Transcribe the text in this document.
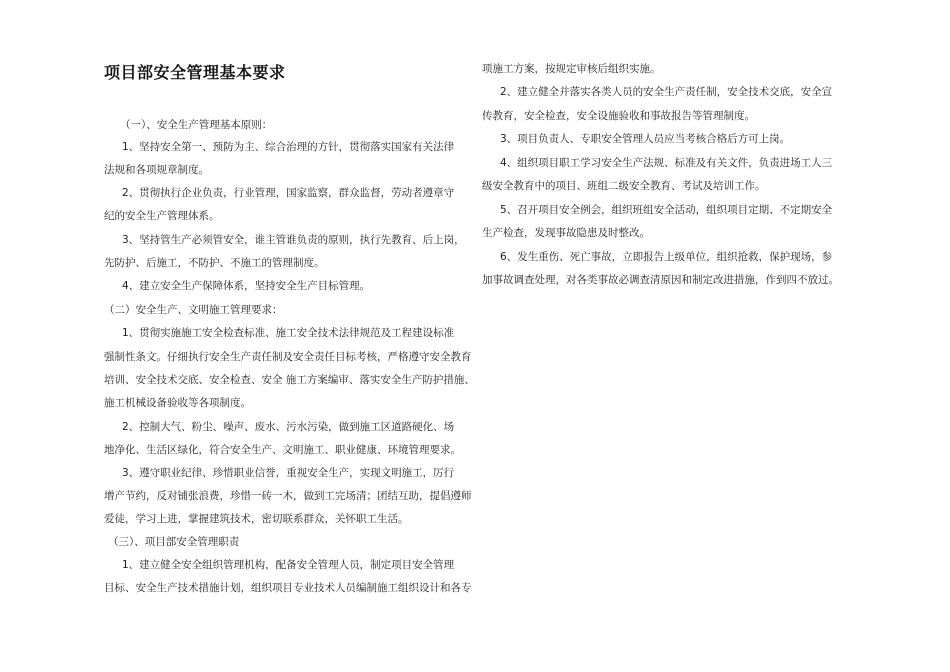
项目部安全管理基本要求
（一）、安全生产管理基本原则：
1、坚持安全第一、预防为主、综合治理的方针，贯彻落实国家有关法律
法规和各项规章制度。
2、贯彻执行企业负责，行业管理，国家监察，群众监督，劳动者遵章守
纪的安全生产管理体系。
3、坚持管生产必须管安全，谁主管谁负责的原则，执行先教育、后上岗，
先防护、后施工，不防护、不施工的管理制度。
4、建立安全生产保障体系，坚持安全生产目标管理。
（二）安全生产、文明施工管理要求：
1、贯彻实施施工安全检查标准、施工安全技术法律规范及工程建设标准
强制性条文。仔细执行安全生产责任制及安全责任目标考核，严格遵守安全教育
培训、安全技术交底、安全检查、安全 施工方案编审、落实安全生产防护措施、
施工机械设备验收等各项制度。
2、控制大气、粉尘、噪声、废水、污水污染，做到施工区道路硬化、场
地净化、生活区绿化，符合安全生产、文明施工、职业健康、环境管理要求。
3、遵守职业纪律、珍惜职业信誉，重视安全生产，实现文明施工，厉行
增产节约，反对铺张浪费，珍惜一砖一木，做到工完场清；团结互助，提倡遵师
爱徒，学习上进，掌握建筑技术，密切联系群众，关怀职工生活。
（三）、项目部安全管理职责
1、建立健全安全组织管理机构，配备安全管理人员，制定项目安全管理
目标、安全生产技术措施计划，组织项目专业技术人员编制施工组织设计和各专
项施工方案，按规定审核后组织实施。
2、建立健全并落实各类人员的安全生产责任制，安全技术交底，安全宣
传教育，安全检查，安全设施验收和事故报告等管理制度。
3、项目负责人、专职安全管理人员应当考核合格后方可上岗。
4、组织项目职工学习安全生产法规、标准及有关文件，负责进场工人三
级安全教育中的项目、班组二级安全教育、考试及培训工作。
5、召开项目安全例会，组织班组安全活动，组织项目定期、不定期安全
生产检查，发现事故隐患及时整改。
6、发生重伤、死亡事故，立即报告上级单位，组织抢救，保护现场，参
加事故调查处理，对各类事故必调查清原因和制定改进措施，作到四不放过。
